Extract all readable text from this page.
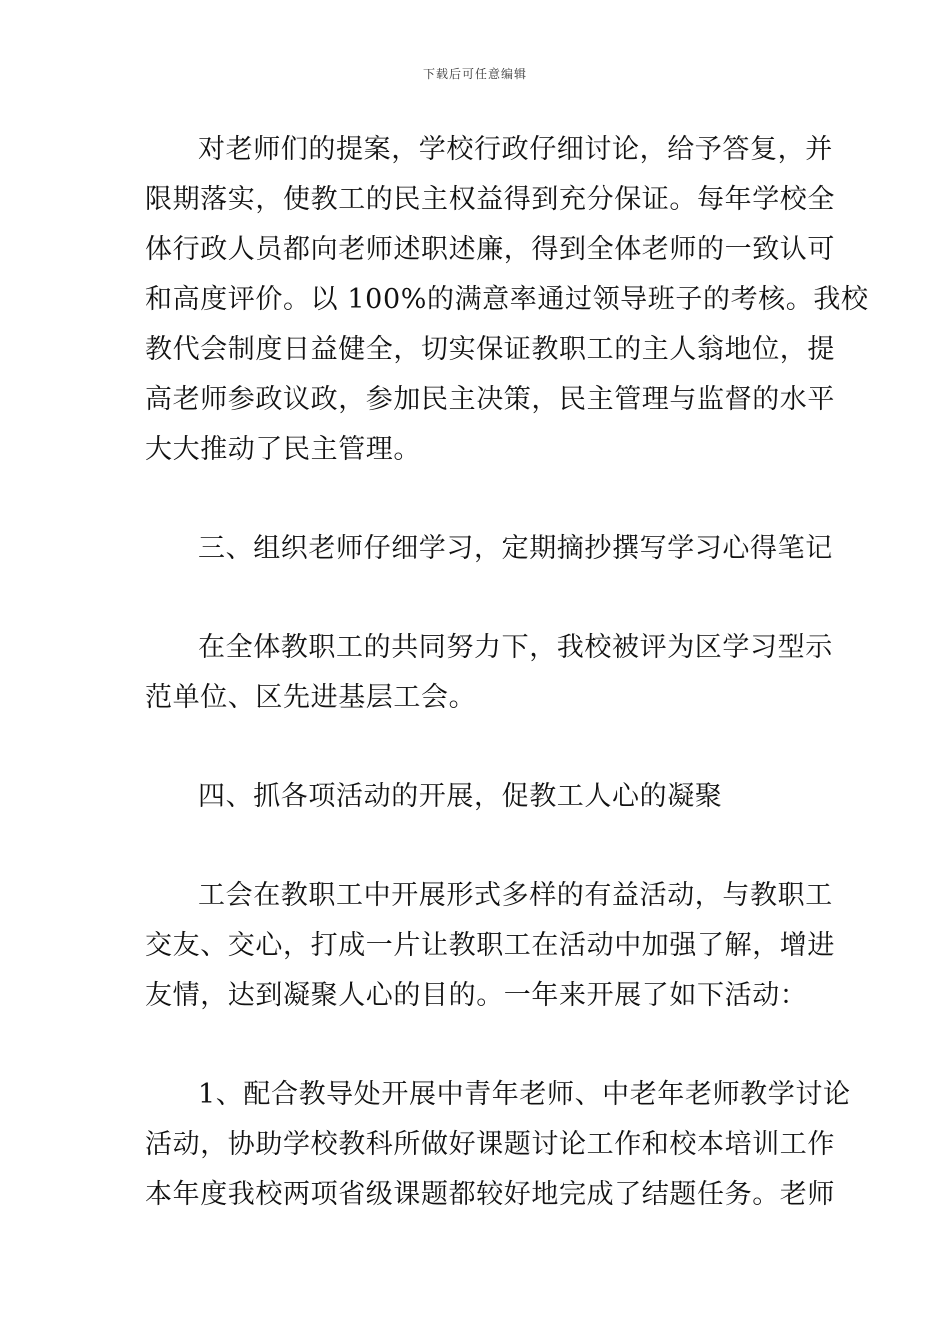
下载后可任意编辑
对老师们的提案，学校行政仔细讨论，给予答复，并
限期落实，使教工的民主权益得到充分保证。每年学校全
体行政人员都向老师述职述廉，得到全体老师的一致认可
和高度评价。以 100%的满意率通过领导班子的考核。我校
教代会制度日益健全，切实保证教职工的主人翁地位，提
高老师参政议政，参加民主决策，民主管理与监督的水平
大大推动了民主管理。
三、组织老师仔细学习，定期摘抄撰写学习心得笔记
在全体教职工的共同努力下，我校被评为区学习型示
范单位、区先进基层工会。
四、抓各项活动的开展，促教工人心的凝聚
工会在教职工中开展形式多样的有益活动，与教职工
交友、交心，打成一片让教职工在活动中加强了解，增进
友情，达到凝聚人心的目的。一年来开展了如下活动：
1、配合教导处开展中青年老师、中老年老师教学讨论
活动，协助学校教科所做好课题讨论工作和校本培训工作
本年度我校两项省级课题都较好地完成了结题任务。老师
